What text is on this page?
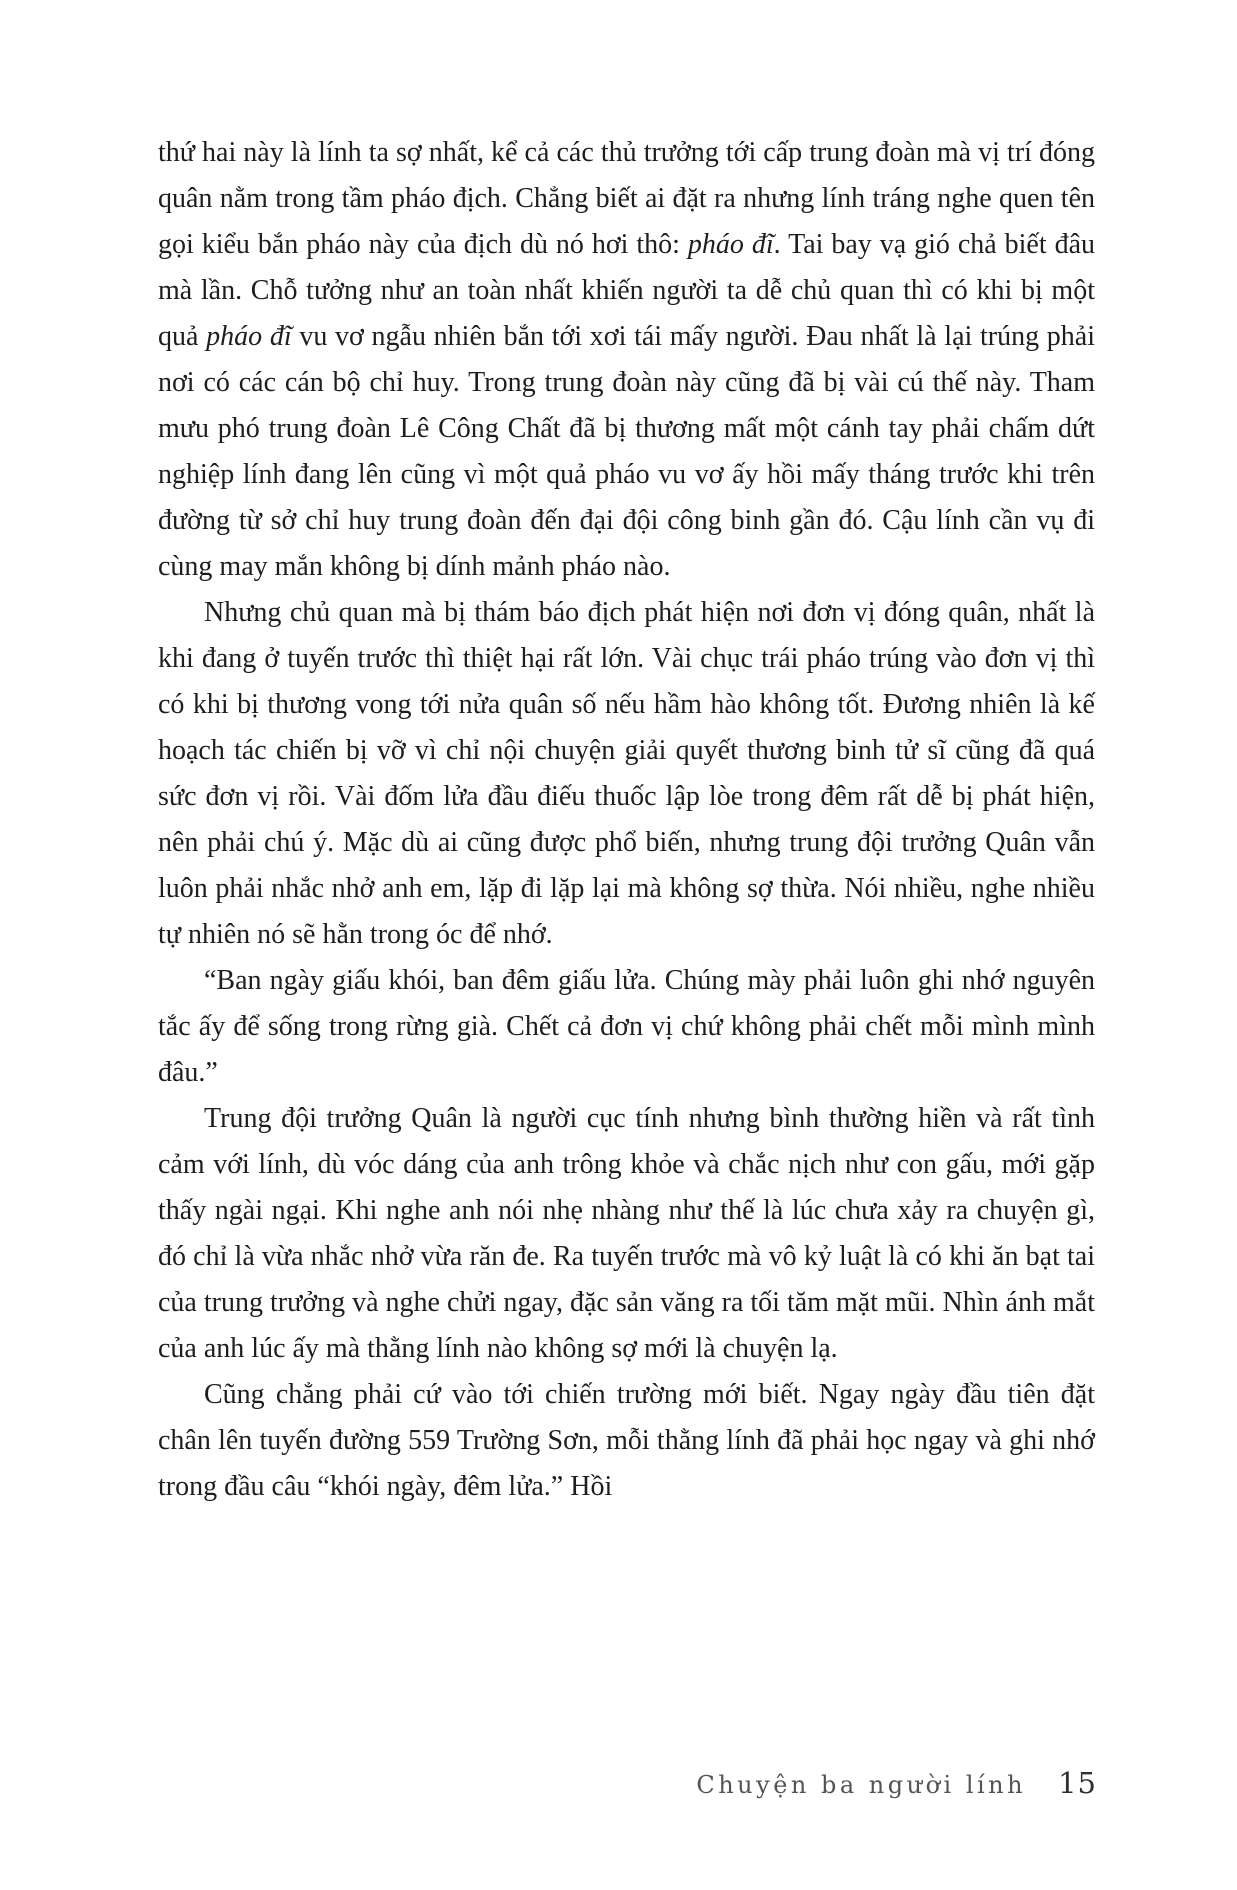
thứ hai này là lính ta sợ nhất, kể cả các thủ trưởng tới cấp trung đoàn mà vị trí đóng quân nằm trong tầm pháo địch. Chẳng biết ai đặt ra nhưng lính tráng nghe quen tên gọi kiểu bắn pháo này của địch dù nó hơi thô: pháo đĩ. Tai bay vạ gió chả biết đâu mà lần. Chỗ tưởng như an toàn nhất khiến người ta dễ chủ quan thì có khi bị một quả pháo đĩ vu vơ ngẫu nhiên bắn tới xơi tái mấy người. Đau nhất là lại trúng phải nơi có các cán bộ chỉ huy. Trong trung đoàn này cũng đã bị vài cú thế này. Tham mưu phó trung đoàn Lê Công Chất đã bị thương mất một cánh tay phải chấm dứt nghiệp lính đang lên cũng vì một quả pháo vu vơ ấy hồi mấy tháng trước khi trên đường từ sở chỉ huy trung đoàn đến đại đội công binh gần đó. Cậu lính cần vụ đi cùng may mắn không bị dính mảnh pháo nào.

Nhưng chủ quan mà bị thám báo địch phát hiện nơi đơn vị đóng quân, nhất là khi đang ở tuyến trước thì thiệt hại rất lớn. Vài chục trái pháo trúng vào đơn vị thì có khi bị thương vong tới nửa quân số nếu hầm hào không tốt. Đương nhiên là kế hoạch tác chiến bị vỡ vì chỉ nội chuyện giải quyết thương binh tử sĩ cũng đã quá sức đơn vị rồi. Vài đốm lửa đầu điếu thuốc lập lòe trong đêm rất dễ bị phát hiện, nên phải chú ý. Mặc dù ai cũng được phổ biến, nhưng trung đội trưởng Quân vẫn luôn phải nhắc nhở anh em, lặp đi lặp lại mà không sợ thừa. Nói nhiều, nghe nhiều tự nhiên nó sẽ hằn trong óc để nhớ.

“Ban ngày giấu khói, ban đêm giấu lửa. Chúng mày phải luôn ghi nhớ nguyên tắc ấy để sống trong rừng già. Chết cả đơn vị chứ không phải chết mỗi mình mình đâu.”

Trung đội trưởng Quân là người cục tính nhưng bình thường hiền và rất tình cảm với lính, dù vóc dáng của anh trông khỏe và chắc nịch như con gấu, mới gặp thấy ngài ngại. Khi nghe anh nói nhẹ nhàng như thế là lúc chưa xảy ra chuyện gì, đó chỉ là vừa nhắc nhở vừa răn đe. Ra tuyến trước mà vô kỷ luật là có khi ăn bạt tai của trung trưởng và nghe chửi ngay, đặc sản văng ra tối tăm mặt mũi. Nhìn ánh mắt của anh lúc ấy mà thằng lính nào không sợ mới là chuyện lạ.

Cũng chẳng phải cứ vào tới chiến trường mới biết. Ngay ngày đầu tiên đặt chân lên tuyến đường 559 Trường Sơn, mỗi thằng lính đã phải học ngay và ghi nhớ trong đầu câu “khói ngày, đêm lửa.” Hồi

Chuyện ba người lính 15
